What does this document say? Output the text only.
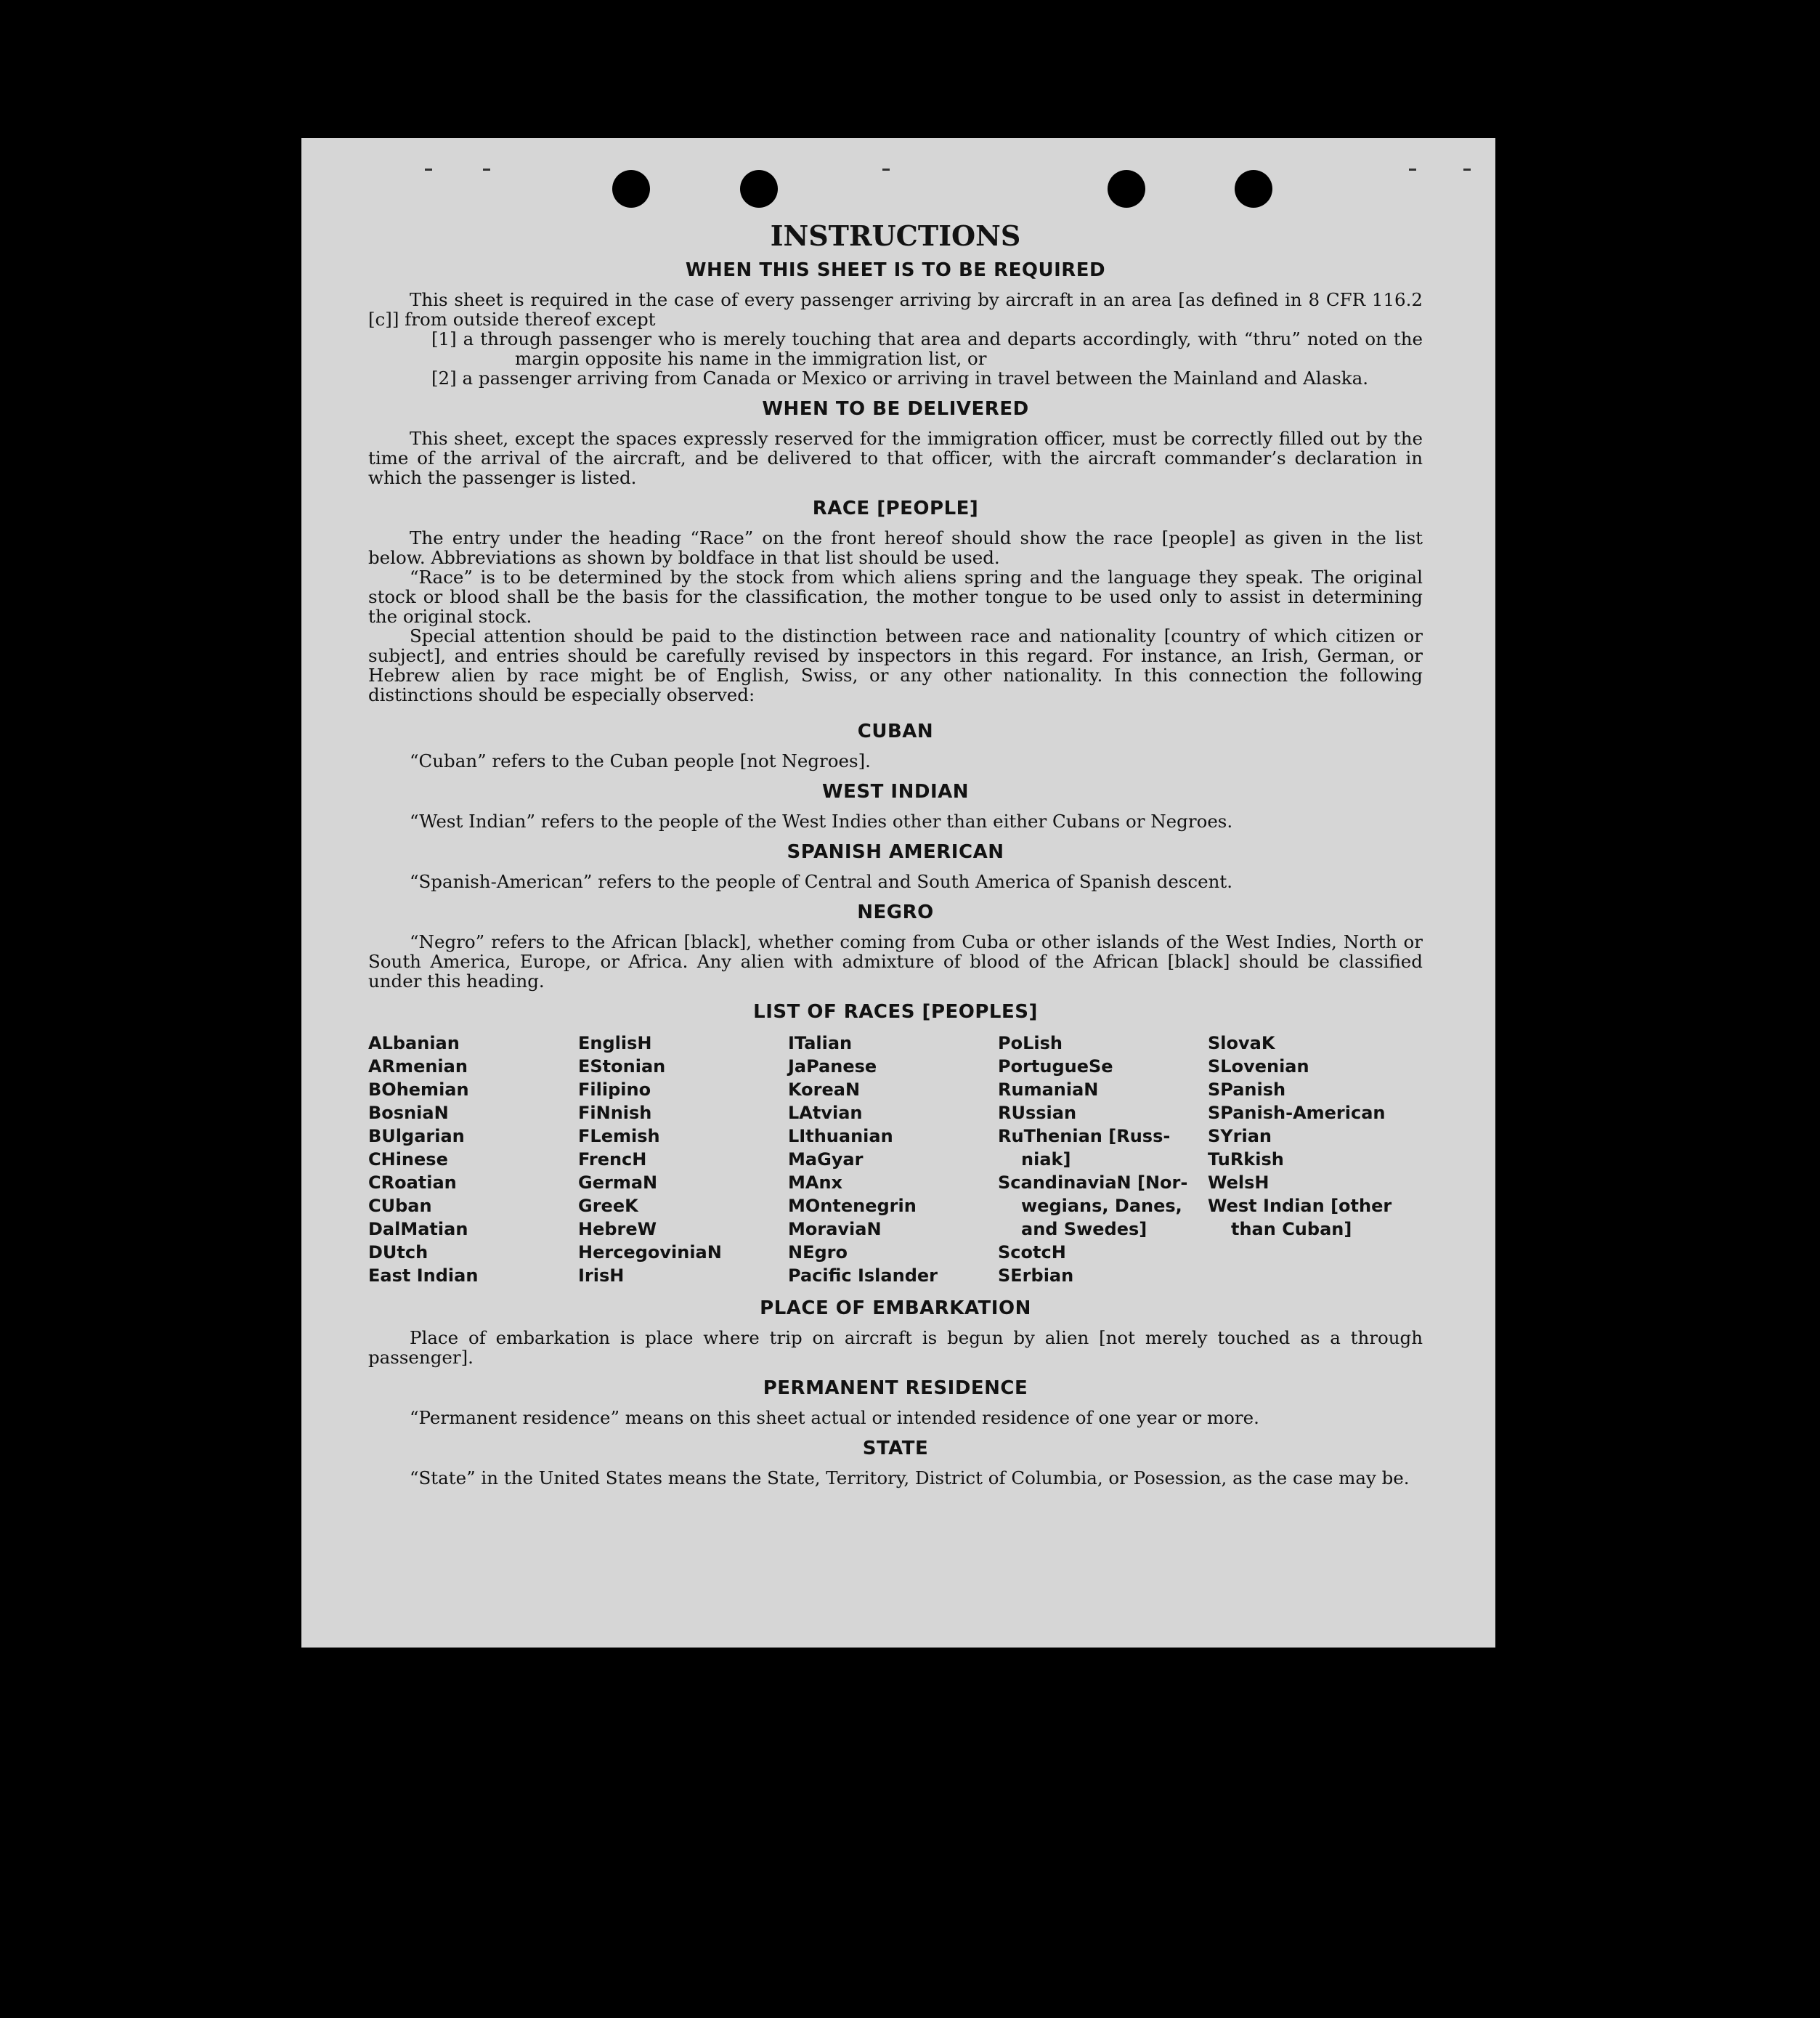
INSTRUCTIONS
WHEN THIS SHEET IS TO BE REQUIRED

This sheet is required in the case of every passenger arriving by aircraft in an area [as defined in 8 CFR 116.2 [c]] from outside thereof except

[1] a through passenger who is merely touching that area and departs accordingly, with “thru” noted on the margin opposite his name in the immigration list, or

[2] a passenger arriving from Canada or Mexico or arriving in travel between the Mainland and Alaska.

WHEN TO BE DELIVERED

This sheet, except the spaces expressly reserved for the immigration officer, must be correctly filled out by the time of the arrival of the aircraft, and be delivered to that officer, with the aircraft commander’s declaration in which the passenger is listed.

RACE [PEOPLE]

The entry under the heading “Race” on the front hereof should show the race [people] as given in the list below. Abbreviations as shown by boldface in that list should be used.

“Race” is to be determined by the stock from which aliens spring and the language they speak. The original stock or blood shall be the basis for the classification, the mother tongue to be used only to assist in determining the original stock.

Special attention should be paid to the distinction between race and nationality [country of which citizen or subject], and entries should be carefully revised by inspectors in this regard. For instance, an Irish, German, or Hebrew alien by race might be of English, Swiss, or any other nationality. In this connection the following distinctions should be especially observed:

CUBAN

“Cuban” refers to the Cuban people [not Negroes].

WEST INDIAN

“West Indian” refers to the people of the West Indies other than either Cubans or Negroes.

SPANISH AMERICAN

“Spanish-American” refers to the people of Central and South America of Spanish descent.

NEGRO

“Negro” refers to the African [black], whether coming from Cuba or other islands of the West Indies, North or South America, Europe, or Africa. Any alien with admixture of blood of the African [black] should be classified under this heading.

LIST OF RACES [PEOPLES]
ALbanian
ARmenian
BOhemian
BosniaN
BUlgarian
CHinese
CRoatian
CUban
DalMatian
DUtch
East Indian
EnglisH
EStonian
Filipino
FiNnish
FLemish
FrencH
GermaN
GreeK
HebreW
HercegoviniaN
IrisH
ITalian
JaPanese
KoreaN
LAtvian
LIthuanian
MaGyar
MAnx
MOntenegrin
MoraviaN
NEgro
Pacific Islander
PoLish
PortugueSe
RumaniaN
RUssian
RuThenian [Russ-
niak]
ScandinaviaN [Nor-
wegians, Danes,
and Swedes]
ScotcH
SErbian
SlovaK
SLovenian
SPanish
SPanish-American
SYrian
TuRkish
WelsH
West Indian [other
than Cuban]
PLACE OF EMBARKATION

Place of embarkation is place where trip on aircraft is begun by alien [not merely touched as a through passenger].

PERMANENT RESIDENCE

“Permanent residence” means on this sheet actual or intended residence of one year or more.

STATE

“State” in the United States means the State, Territory, District of Columbia, or Posession, as the case may be.
